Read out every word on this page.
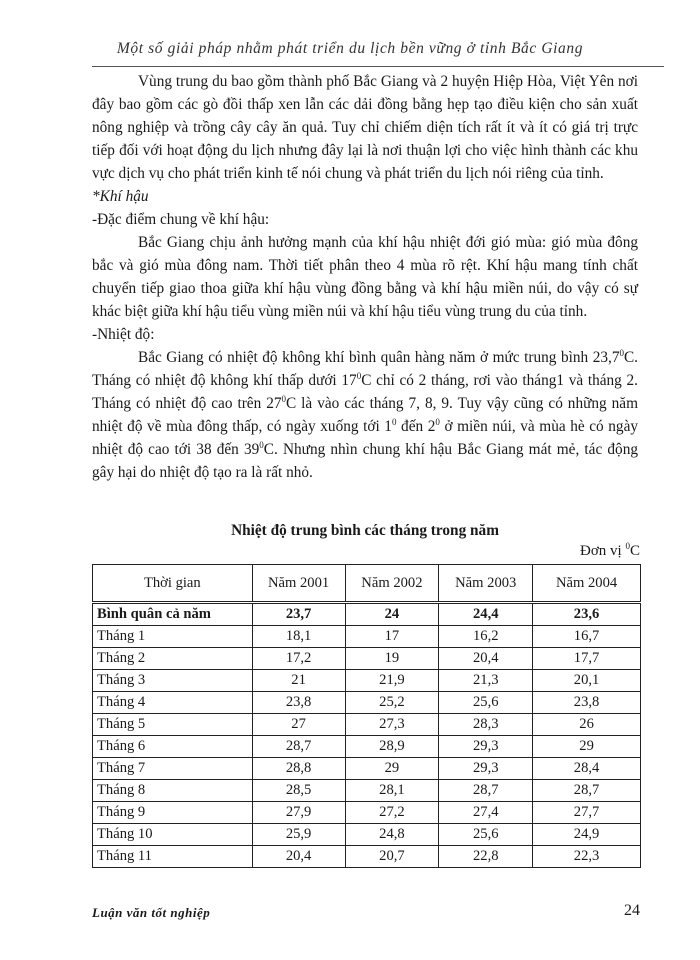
Một số giải pháp nhằm phát triển du lịch bền vững ở tỉnh Bắc Giang

Vùng trung du bao gồm thành phố Bắc Giang và 2 huyện Hiệp Hòa, Việt Yên nơi đây bao gồm các gò đồi thấp xen lẫn các dải đồng bằng hẹp tạo điều kiện cho sản xuất nông nghiệp và trồng cây cây ăn quả. Tuy chỉ chiếm diện tích rất ít và ít có giá trị trực tiếp đối với hoạt động du lịch nhưng đây lại là nơi thuận lợi cho việc hình thành các khu vực dịch vụ cho phát triển kinh tế nói chung và phát triển du lịch nói riêng của tỉnh.

*Khí hậu

-Đặc điểm chung về khí hậu:

Bắc Giang chịu ảnh hưởng mạnh của khí hậu nhiệt đới gió mùa: gió mùa đông bắc và gió mùa đông nam. Thời tiết phân theo 4 mùa rõ rệt. Khí hậu mang tính chất chuyển tiếp giao thoa giữa khí hậu vùng đồng bằng và khí hậu miền núi, do vậy có sự khác biệt giữa khí hậu tiểu vùng miền núi và khí hậu tiểu vùng trung du của tỉnh.

-Nhiệt độ:

Bắc Giang có nhiệt độ không khí bình quân hàng năm ở mức trung bình 23,7$^0$C. Tháng có nhiệt độ không khí thấp dưới $17^0C$ chỉ có 2 tháng, rơi vào tháng1 và tháng 2. Tháng có nhiệt độ cao trên $27^0C$ là vào các tháng 7, 8, 9. Tuy vậy cũng có những năm nhiệt độ về mùa đông thấp, có ngày xuống tới $1^0$ đến $2^0$ ở miền núi, và mùa hè có ngày nhiệt độ cao tới 38 đến $39^0C$. Nhưng nhìn chung khí hậu Bắc Giang mát mẻ, tác động gây hại do nhiệt độ tạo ra là rất nhỏ.

Nhiệt độ trung bình các tháng trong năm
Đơn vị $^0$C
Thời gian	Năm 2001	Năm 2002	Năm 2003	Năm 2004
Bình quân cả năm	23,7	24	24,4	23,6
Tháng 1	18,1	17	16,2	16,7
Tháng 2	17,2	19	20,4	17,7
Tháng 3	21	21,9	21,3	20,1
Tháng 4	23,8	25,2	25,6	23,8
Tháng 5	27	27,3	28,3	26
Tháng 6	28,7	28,9	29,3	29
Tháng 7	28,8	29	29,3	28,4
Tháng 8	28,5	28,1	28,7	28,7
Tháng 9	27,9	27,2	27,4	27,7
Tháng 10	25,9	24,8	25,6	24,9
Tháng 11	20,4	20,7	22,8	22,3
Luận văn tốt nghiệp	24
